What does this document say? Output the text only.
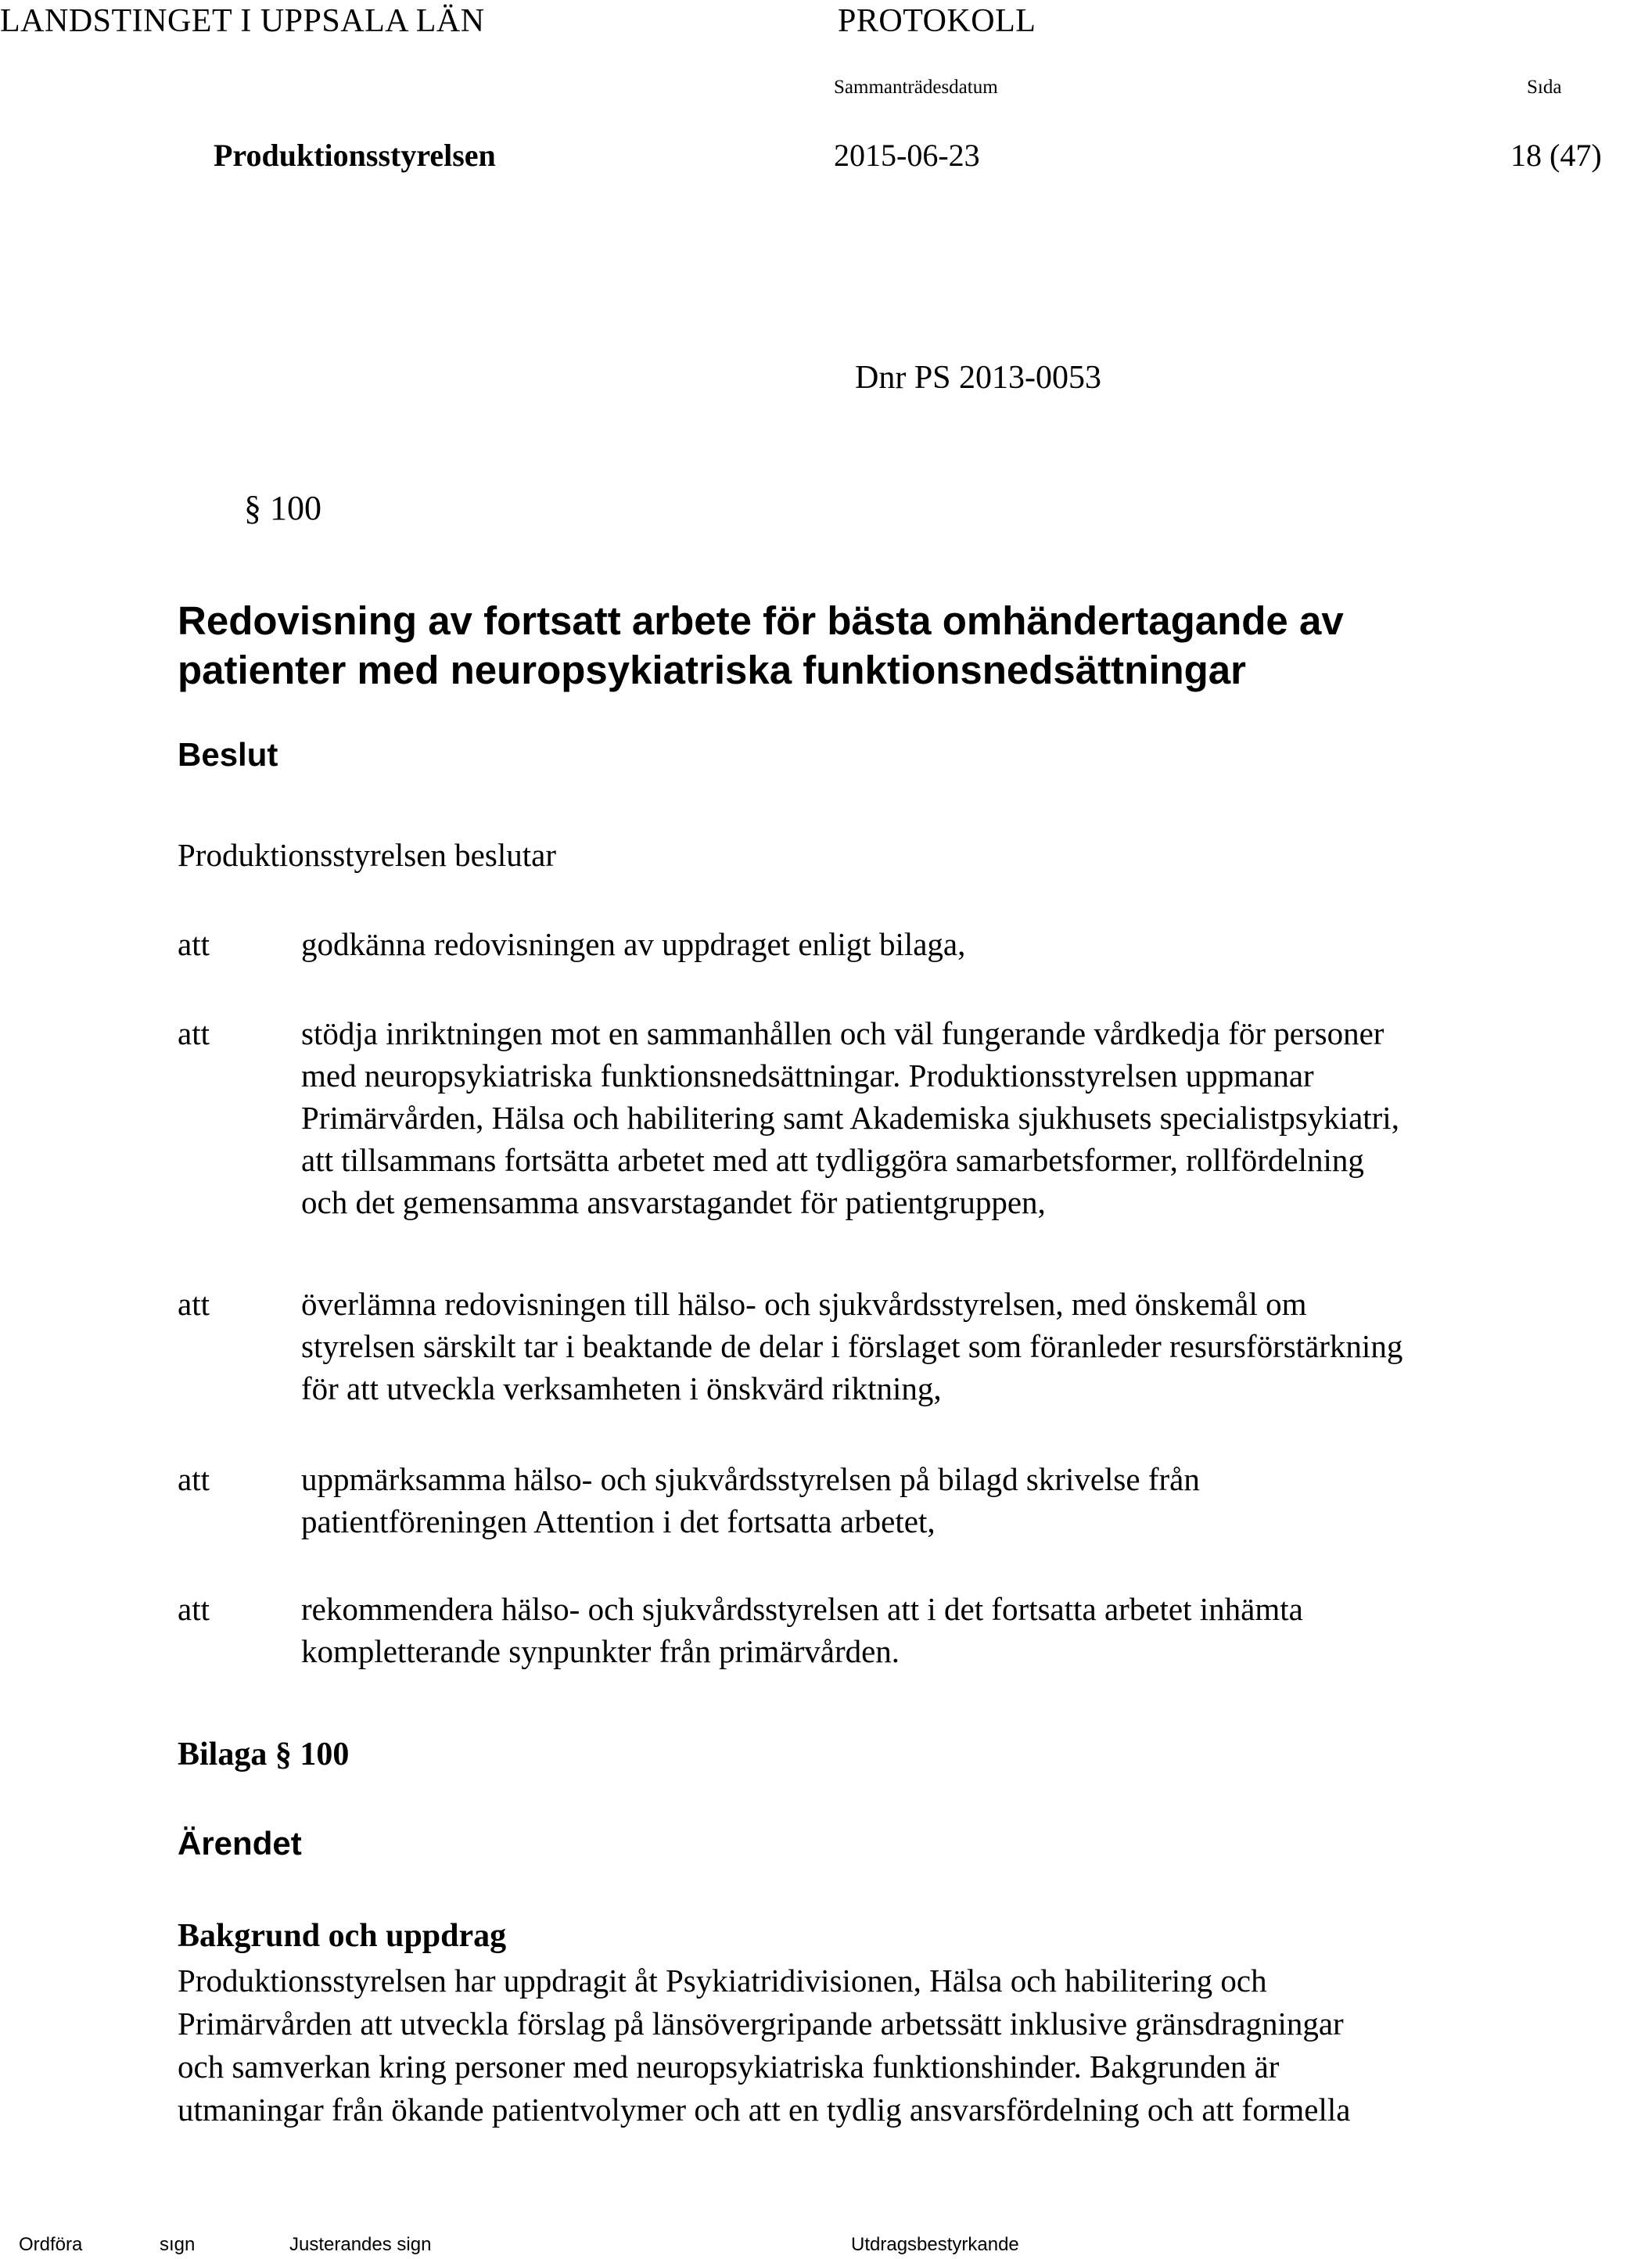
LANDSTINGET I UPPSALA LÄN	PROTOKOLL
Sammanträdesdatum	Sıda
Produktionsstyrelsen	2015-06-23	18 (47)
Dnr PS 2013-0053
§ 100
Redovisning av fortsatt arbete för bästa omhändertagande av
patienter med neuropsykiatriska funktionsnedsättningar
Beslut
Produktionsstyrelsen beslutar
att	godkänna redovisningen av uppdraget enligt bilaga,
att	stödja inriktningen mot en sammanhållen och väl fungerande vårdkedja för personer
med neuropsykiatriska funktionsnedsättningar. Produktionsstyrelsen uppmanar
Primärvården, Hälsa och habilitering samt Akademiska sjukhusets specialistpsykiatri,
att tillsammans fortsätta arbetet med att tydliggöra samarbetsformer, rollfördelning
och det gemensamma ansvarstagandet för patientgruppen,
att	överlämna redovisningen till hälso- och sjukvårdsstyrelsen, med önskemål om
styrelsen särskilt tar i beaktande de delar i förslaget som föranleder resursförstärkning
för att utveckla verksamheten i önskvärd riktning,
att	uppmärksamma hälso- och sjukvårdsstyrelsen på bilagd skrivelse från
patientföreningen Attention i det fortsatta arbetet,
att	rekommendera hälso- och sjukvårdsstyrelsen att i det fortsatta arbetet inhämta
kompletterande synpunkter från primärvården.
Bilaga § 100
Ärendet
Bakgrund och uppdrag
Produktionsstyrelsen har uppdragit åt Psykiatridivisionen, Hälsa och habilitering och
Primärvården att utveckla förslag på länsövergripande arbetssätt inklusive gränsdragningar
och samverkan kring personer med neuropsykiatriska funktionshinder. Bakgrunden är
utmaningar från ökande patientvolymer och att en tydlig ansvarsfördelning och att formella
Ordföra	sıgn	Justerandes sign	Utdragsbestyrkande
